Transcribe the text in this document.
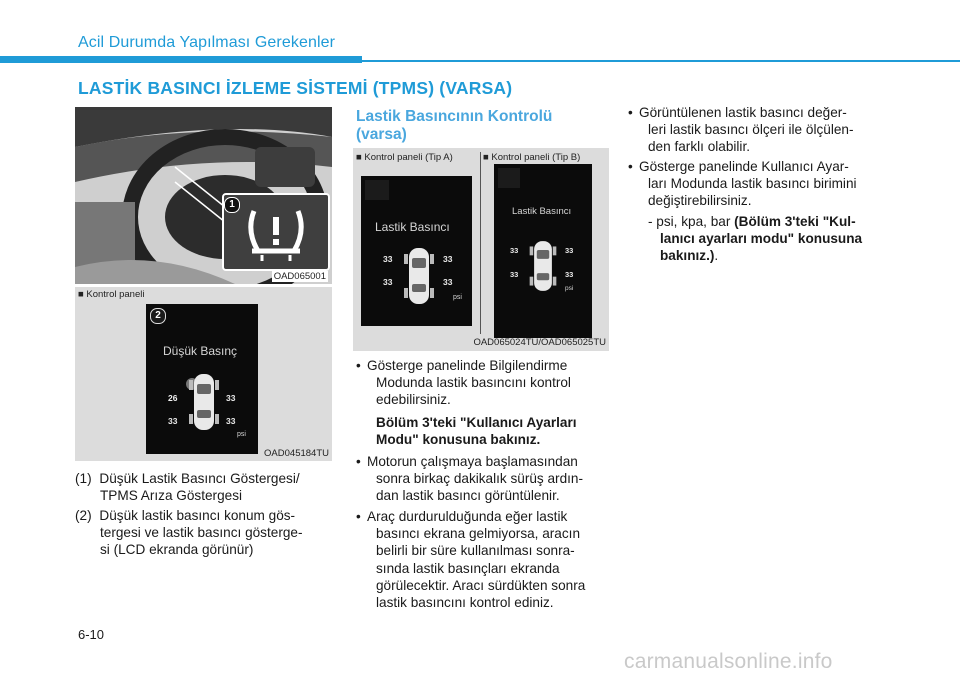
Acil Durumda Yapılması Gerekenler
LASTİK BASINCI İZLEME SİSTEMİ (TPMS) (VARSA)
1
OAD065001
■ Kontrol paneli
2
Düşük Basınç
26	33
33	33
psi
OAD045184TU
(1) Düşük Lastik Basıncı Göstergesi/
TPMS Arıza Göstergesi
(2) Düşük lastik basıncı konum gös-
tergesi ve lastik basıncı gösterge-
si (LCD ekranda görünür)
Lastik Basıncının Kontrolü
(varsa)
■ Kontrol paneli (Tip A)	■ Kontrol paneli (Tip B)
Lastik Basıncı
33	33
33	33
psi
Lastik Basıncı
33	33
33	33
psi
OAD065024TU/OAD065025TU
• Gösterge panelinde Bilgilendirme
Modunda lastik basıncını kontrol
edebilirsiniz.
Bölüm 3'teki "Kullanıcı Ayarları
Modu" konusuna bakınız.
• Motorun çalışmaya başlamasından
sonra birkaç dakikalık sürüş ardın-
dan lastik basıncı görüntülenir.
• Araç durdurulduğunda eğer lastik
basıncı ekrana gelmiyorsa, aracın
belirli bir süre kullanılması sonra-
sında lastik basınçları ekranda
görülecektir. Aracı sürdükten sonra
lastik basıncını kontrol ediniz.
• Görüntülenen lastik basıncı değer-
leri lastik basıncı ölçeri ile ölçülen-
den farklı olabilir.
• Gösterge panelinde Kullanıcı Ayar-
ları Modunda lastik basıncı birimini
değiştirebilirsiniz.
- psi, kpa, bar (Bölüm 3'teki "Kul-
lanıcı ayarları modu" konusuna
bakınız.).
6-10
carmanualsonline.info
